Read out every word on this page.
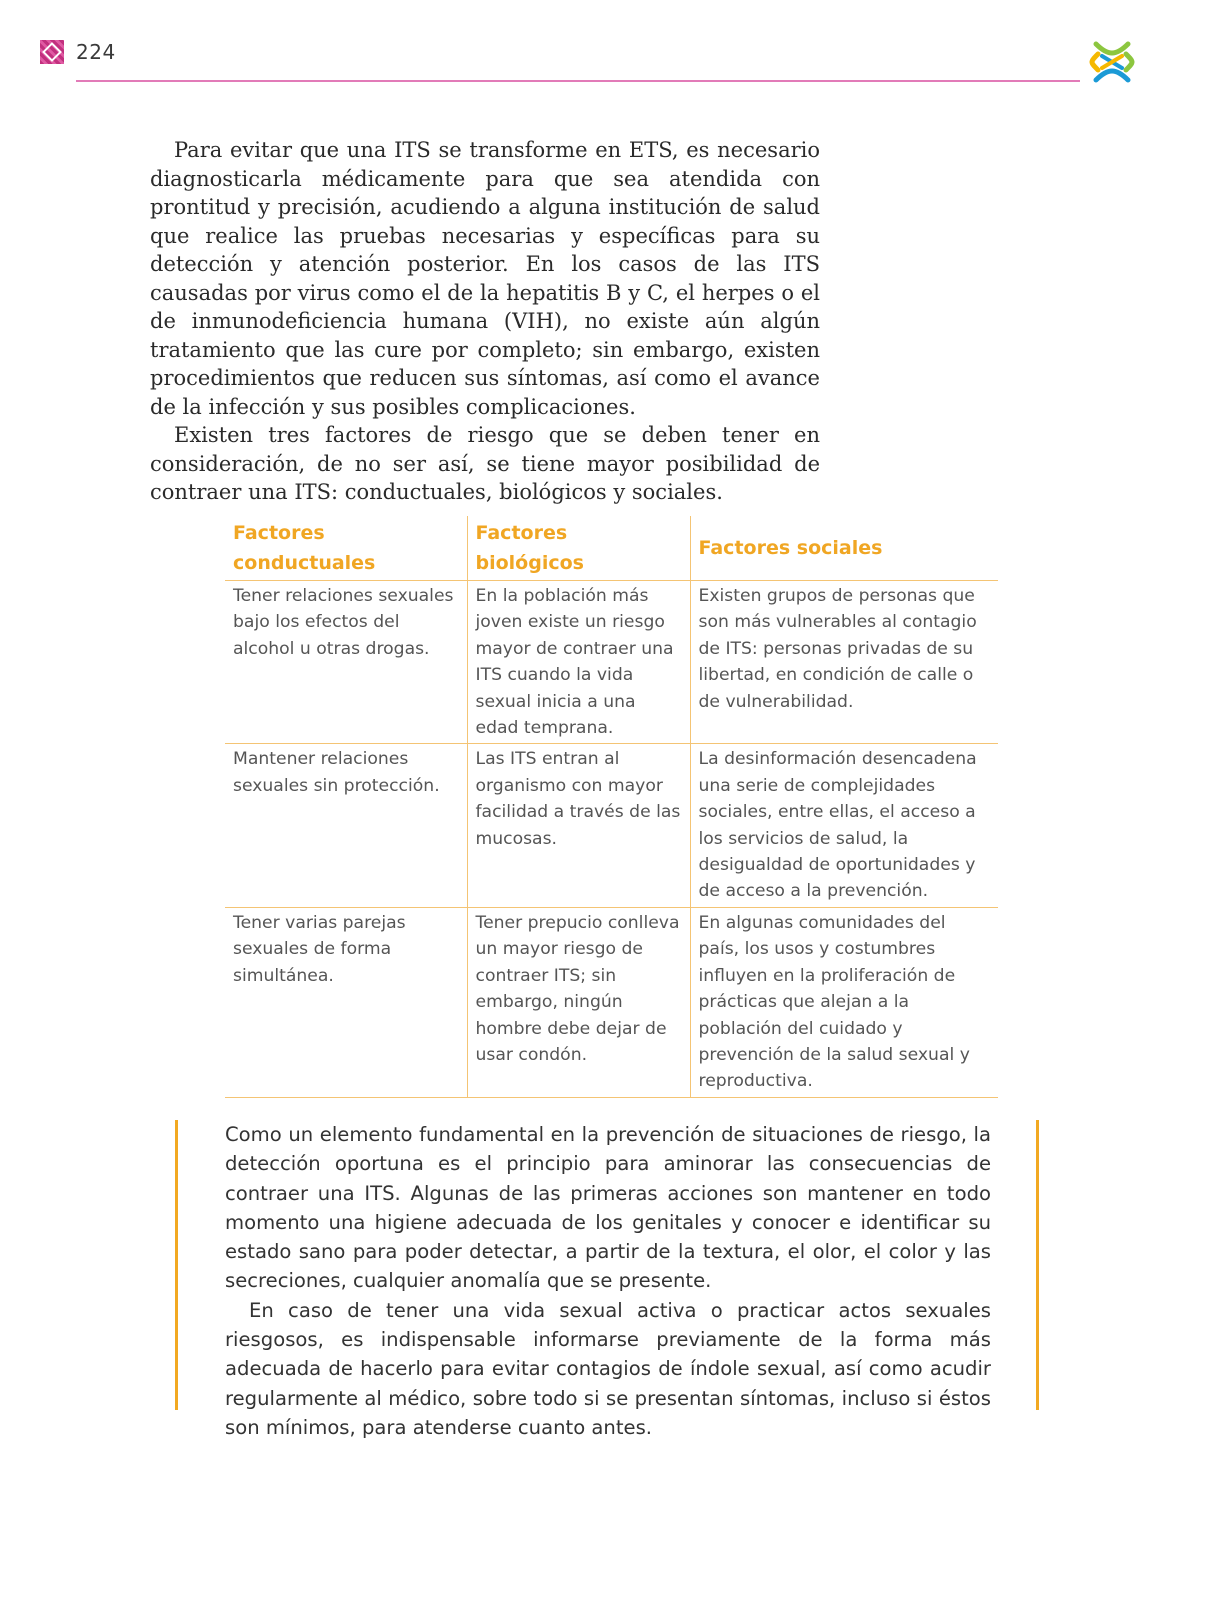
224

Para evitar que una ITS se transforme en ETS, es necesario diagnosticarla médicamente para que sea atendida con prontitud y precisión, acudiendo a alguna institución de salud que realice las pruebas necesarias y específicas para su detección y atención posterior. En los casos de las ITS causadas por virus como el de la hepatitis B y C, el herpes o el de inmunodeficiencia humana (VIH), no existe aún algún tratamiento que las cure por completo; sin embargo, existen procedimientos que reducen sus síntomas, así como el avance de la infección y sus posibles complicaciones.

Existen tres factores de riesgo que se deben tener en consideración, de no ser así, se tiene mayor posibilidad de contraer una ITS: conductuales, biológicos y sociales.

Factores conductuales	Factores biológicos	Factores sociales
Tener relaciones sexuales bajo los efectos del alcohol u otras drogas.	En la población más joven existe un riesgo mayor de contraer una ITS cuando la vida sexual inicia a una edad temprana.	Existen grupos de personas que son más vulnerables al contagio de ITS: personas privadas de su libertad, en condición de calle o de vulnerabilidad.
Mantener relaciones sexuales sin protección.	Las ITS entran al organismo con mayor facilidad a través de las mucosas.	La desinformación desencadena una serie de complejidades sociales, entre ellas, el acceso a los servicios de salud, la desigualdad de oportunidades y de acceso a la prevención.
Tener varias parejas sexuales de forma simultánea.	Tener prepucio conlleva un mayor riesgo de contraer ITS; sin embargo, ningún hombre debe dejar de usar condón.	En algunas comunidades del país, los usos y costumbres influyen en la proliferación de prácticas que alejan a la población del cuidado y prevención de la salud sexual y reproductiva.

Como un elemento fundamental en la prevención de situaciones de riesgo, la detección oportuna es el principio para aminorar las consecuencias de contraer una ITS. Algunas de las primeras acciones son mantener en todo momento una higiene adecuada de los genitales y conocer e identificar su estado sano para poder detectar, a partir de la textura, el olor, el color y las secreciones, cualquier anomalía que se presente.

En caso de tener una vida sexual activa o practicar actos sexuales riesgosos, es indispensable informarse previamente de la forma más adecuada de hacerlo para evitar contagios de índole sexual, así como acudir regularmente al médico, sobre todo si se presentan síntomas, incluso si éstos son mínimos, para atenderse cuanto antes.
